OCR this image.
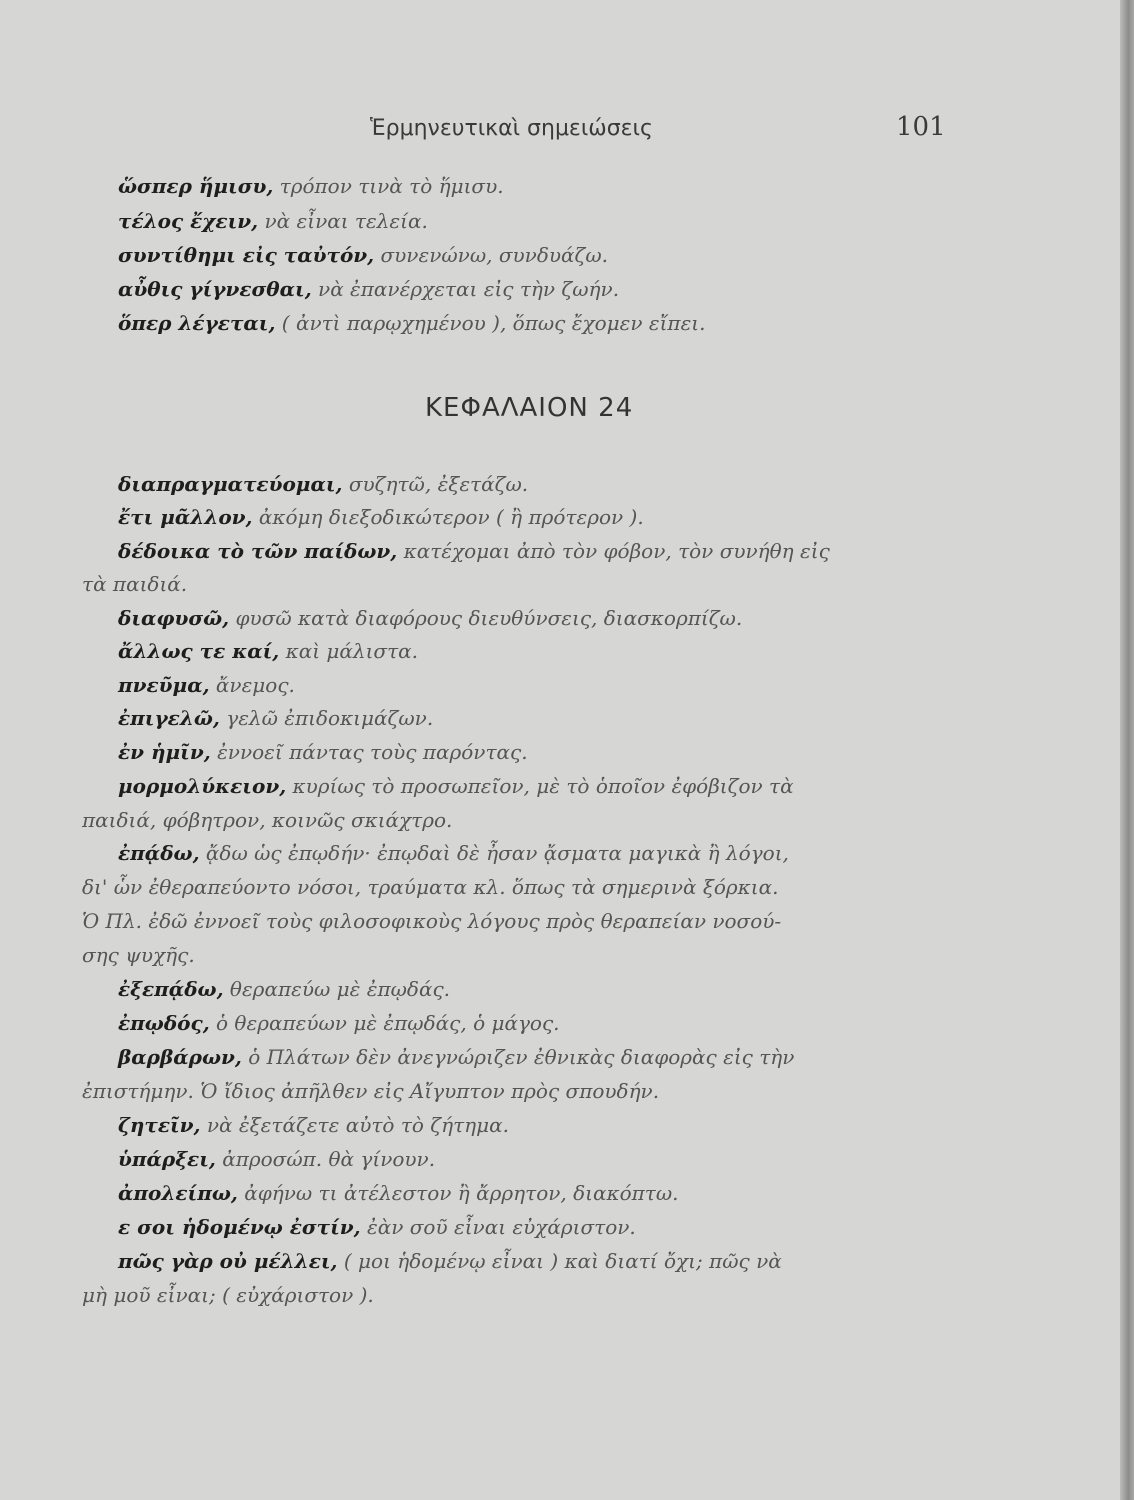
Ἑρμηνευτικαὶ σημειώσεις	101
ὥσπερ ἥμισυ, τρόπον τινὰ τὸ ἥμισυ.
τέλος ἔχειν, νὰ εἶναι τελεία.
συντίθημι εἰς ταὐτόν, συνενώνω, συνδυάζω.
αὖθις γίγνεσθαι, νὰ ἐπανέρχεται εἰς τὴν ζωήν.
ὅπερ λέγεται, ( ἀντὶ παρῳχημένου ), ὅπως ἔχομεν εἴπει.
ΚΕΦΑΛΑΙΟΝ 24
διαπραγματεύομαι, συζητῶ, ἐξετάζω.
ἔτι μᾶλλον, ἀκόμη διεξοδικώτερον ( ἢ πρότερον ).
δέδοικα τὸ τῶν παίδων, κατέχομαι ἀπὸ τὸν φόβον, τὸν συνήθη εἰς
τὰ παιδιά.
διαφυσῶ, φυσῶ κατὰ διαφόρους διευθύνσεις, διασκορπίζω.
ἄλλως τε καί, καὶ μάλιστα.
πνεῦμα, ἄνεμος.
ἐπιγελῶ, γελῶ ἐπιδοκιμάζων.
ἐν ἡμῖν, ἐννοεῖ πάντας τοὺς παρόντας.
μορμολύκειον, κυρίως τὸ προσωπεῖον, μὲ τὸ ὁποῖον ἐφόβιζον τὰ
παιδιά, φόβητρον, κοινῶς σκιάχτρο.
ἐπᾴδω, ᾄδω ὡς ἐπῳδήν· ἐπῳδαὶ δὲ ἦσαν ᾄσματα μαγικὰ ἢ λόγοι,
δι' ὧν ἐθεραπεύοντο νόσοι, τραύματα κλ. ὅπως τὰ σημερινὰ ξόρκια.
Ὁ Πλ. ἐδῶ ἐννοεῖ τοὺς φιλοσοφικοὺς λόγους πρὸς θεραπείαν νοσού-
σης ψυχῆς.
ἐξεπᾴδω, θεραπεύω μὲ ἐπῳδάς.
ἐπῳδός, ὁ θεραπεύων μὲ ἐπῳδάς, ὁ μάγος.
βαρβάρων, ὁ Πλάτων δὲν ἀνεγνώριζεν ἐθνικὰς διαφορὰς εἰς τὴν
ἐπιστήμην. Ὁ ἴδιος ἀπῆλθεν εἰς Αἴγυπτον πρὸς σπουδήν.
ζητεῖν, νὰ ἐξετάζετε αὐτὸ τὸ ζήτημα.
ὑπάρξει, ἀπροσώπ. θὰ γίνουν.
ἀπολείπω, ἀφήνω τι ἀτέλεστον ἢ ἄρρητον, διακόπτω.
ε σοι ἡδομένῳ ἐστίν, ἐὰν σοῦ εἶναι εὐχάριστον.
πῶς γὰρ οὐ μέλλει, ( μοι ἡδομένῳ εἶναι ) καὶ διατί ὄχι; πῶς νὰ
μὴ μοῦ εἶναι; ( εὐχάριστον ).
